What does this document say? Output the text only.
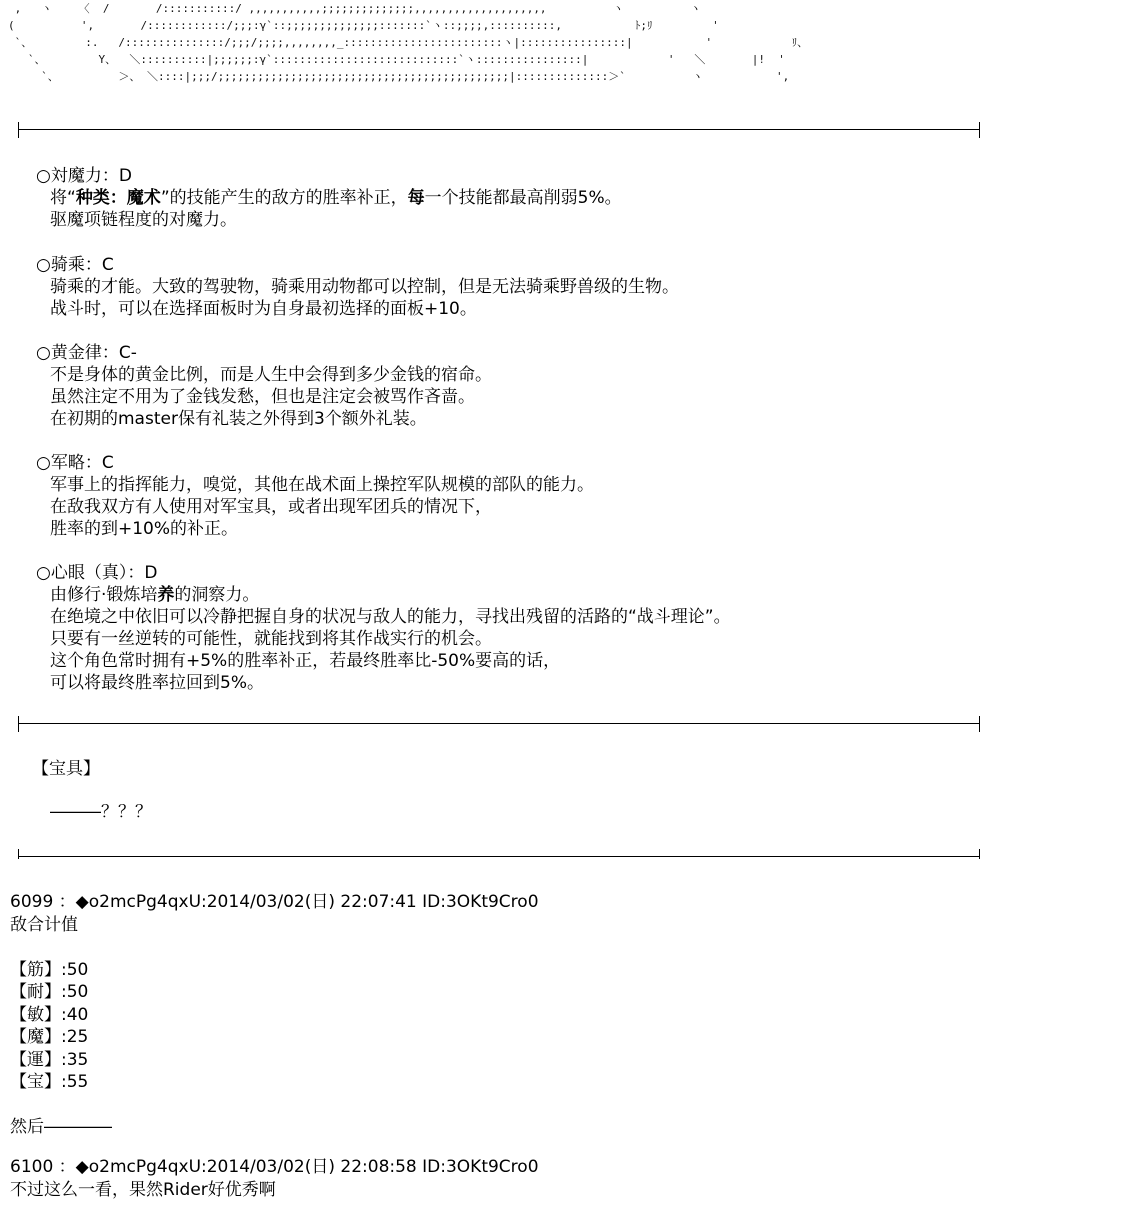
,   ヽ    〈  /       /:::::::::::/ ,,,,,,,,,,,;;;;;;;;;;;;;;,,,,,,,,,,,,,,,,,,,,          ヽ          ヽ
(          ',       /::::::::::::/;;;:γ`::;;;;;;;;;;;;;;:::::::`ヽ::;;;;,::::::::::,           ﾄ;ﾘ         '
`、        :.   /:::::::::::::::/;;;/;;;;,,,,,,,,_::::::::::::::::::::::::ヽ|::::::::::::::::|           '            ﾘ、
`、        Y、  ＼::::::::::|;;;;;;:γ`::::::::::::::::::::::::::::`ヽ::::::::::::::::|            '   ＼       |!  '
`、         ＞、 ＼::::|;;;/;;;;;;;;;;;;;;;;;;;;;;;;;;;;;;;;;;;;;;;;;;;;|::::::::::::::＞`          ヽ           ',
○対魔力：D
将“种类：魔术”的技能产生的敌方的胜率补正，每一个技能都最高削弱5%。
驱魔项链程度的对魔力。
○骑乘：C
骑乘的才能。大致的驾驶物，骑乘用动物都可以控制，但是无法骑乘野兽级的生物。
战斗时，可以在选择面板时为自身最初选择的面板+10。
○黄金律：C-
不是身体的黄金比例，而是人生中会得到多少金钱的宿命。
虽然注定不用为了金钱发愁，但也是注定会被骂作吝啬。
在初期的master保有礼装之外得到3个额外礼装。
○军略：C
军事上的指挥能力，嗅觉，其他在战术面上操控军队规模的部队的能力。
在敌我双方有人使用对军宝具，或者出现军团兵的情况下，
胜率的到+10%的补正。
○心眼（真）：D
由修行·锻炼培养的洞察力。
在绝境之中依旧可以冷静把握自身的状况与敌人的能力，寻找出残留的活路的“战斗理论”。
只要有一丝逆转的可能性，就能找到将其作战实行的机会。
这个角色常时拥有+5%的胜率补正，若最终胜率比-50%要高的话，
可以将最终胜率拉回到5%。
【宝具】
―――？？？
6099 ：◆o2mcPg4qxU:2014/03/02(日) 22:07:41 ID:3OKt9Cro0
敌合计值
【筋】:50
【耐】:50
【敏】:40
【魔】:25
【運】:35
【宝】:55
然后――――
6100 ：◆o2mcPg4qxU:2014/03/02(日) 22:08:58 ID:3OKt9Cro0
不过这么一看，果然Rider好优秀啊
